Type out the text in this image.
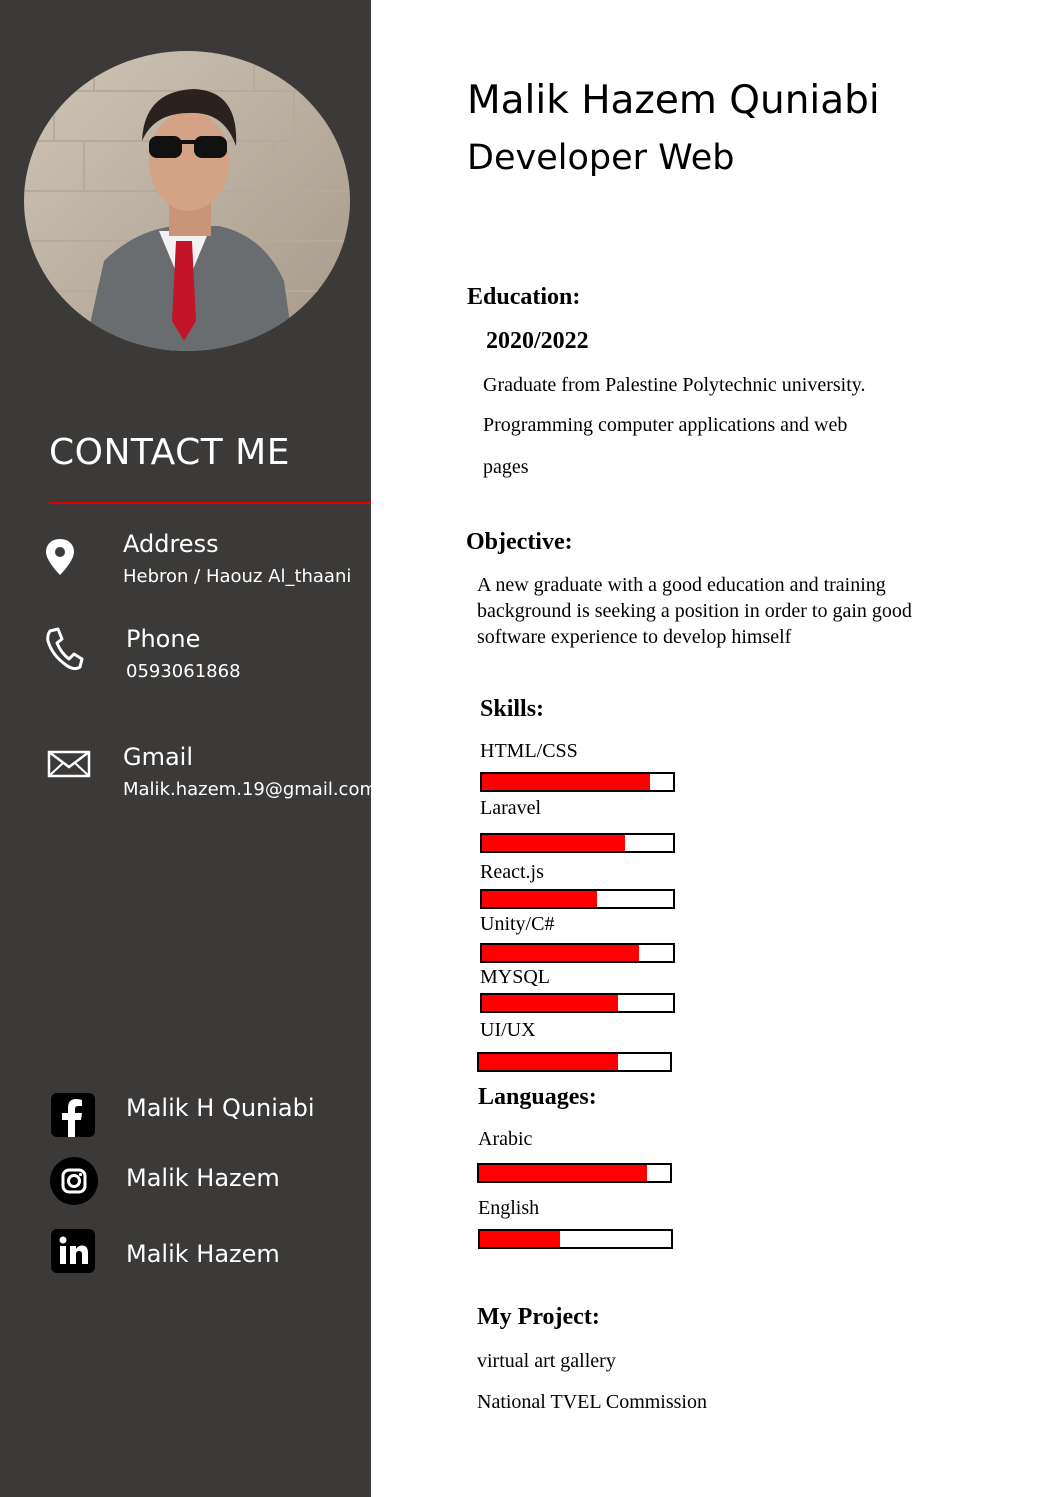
CONTACT ME
Address
Hebron / Haouz Al_thaani
Phone
0593061868
Gmail
Malik.hazem.19@gmail.com
Malik H Quniabi
Malik Hazem
Malik Hazem
Malik Hazem Quniabi
Developer Web
Education:
2020/2022
Graduate from Palestine Polytechnic university.
Programming computer applications and web
pages
Objective:
A new graduate with a good education and training background is seeking a position in order to gain good software experience to develop himself
Skills:
HTML/CSS
Laravel
React.js
Unity/C#
MYSQL
UI/UX
Languages:
Arabic
English
My Project:
virtual art gallery
National TVEL Commission
